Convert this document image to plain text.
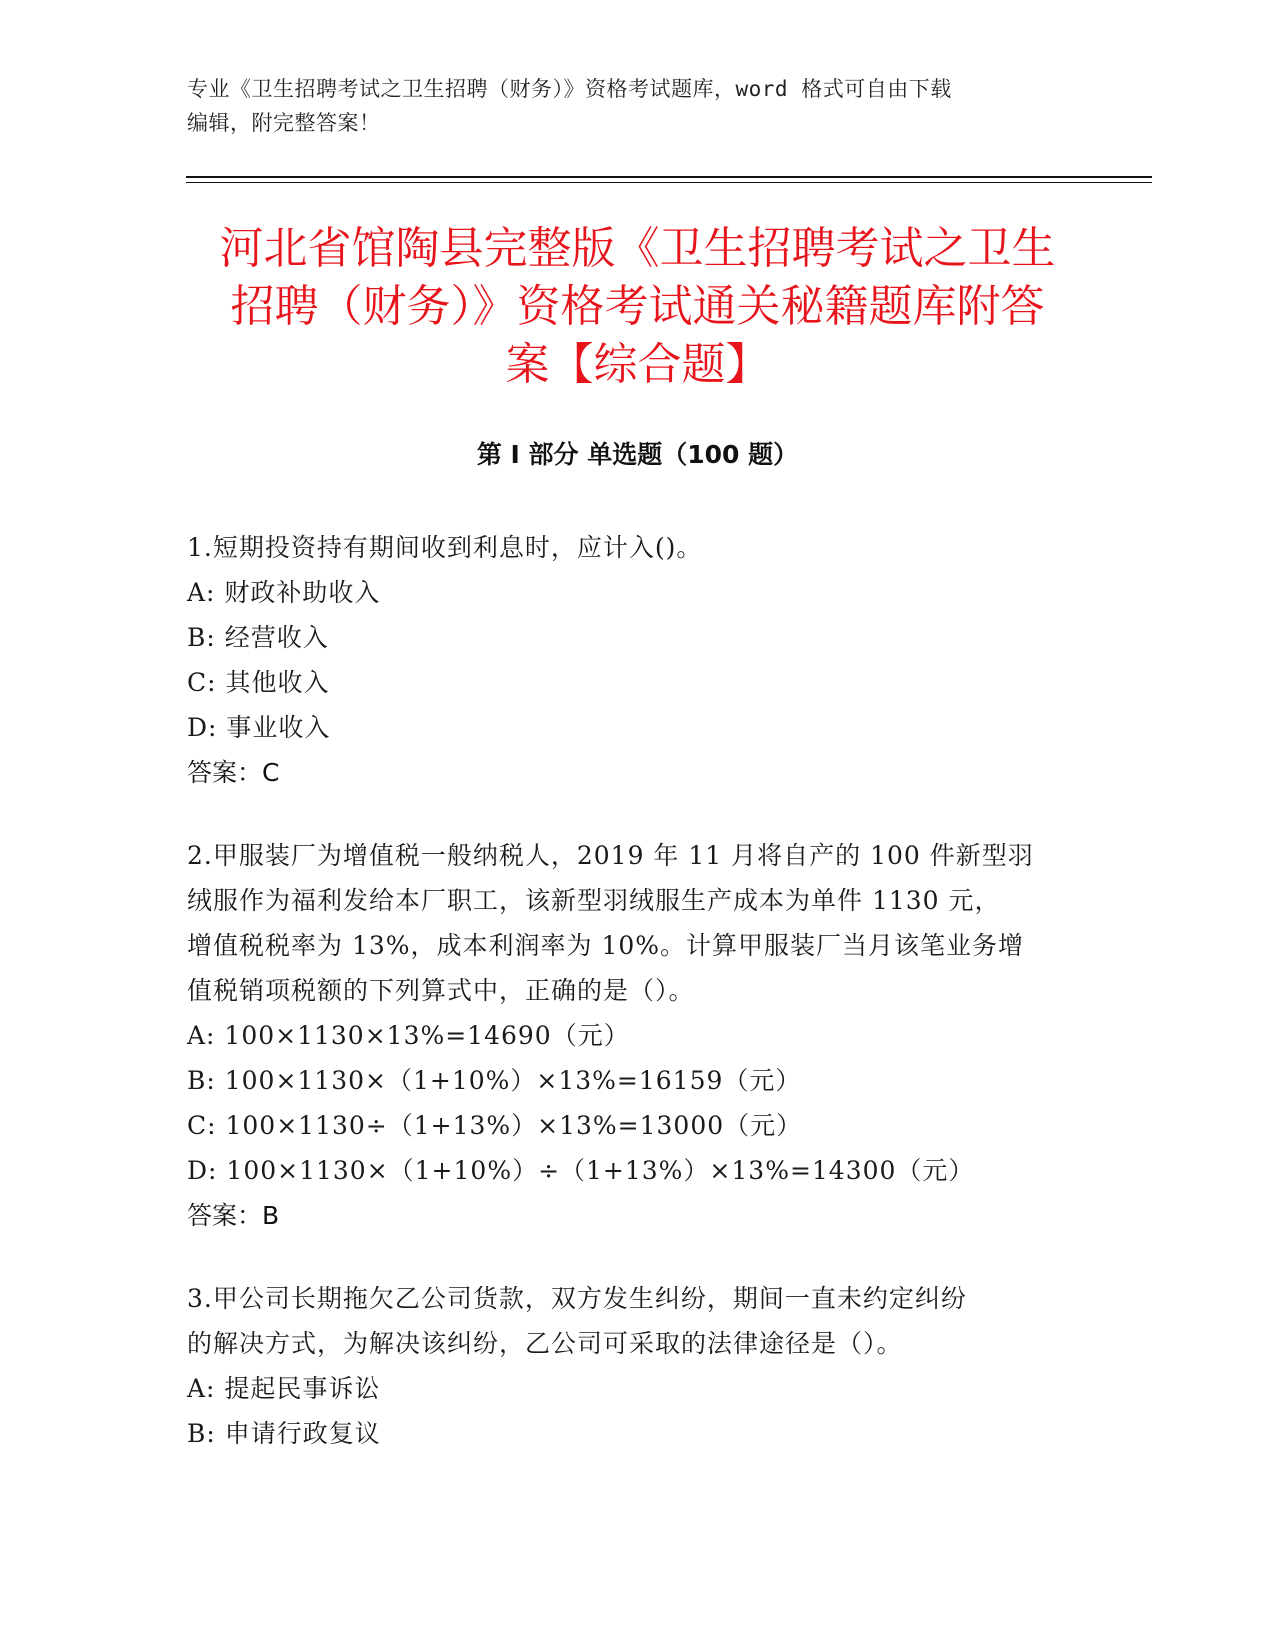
专业《卫生招聘考试之卫生招聘（财务）》资格考试题库，word 格式可自由下载
编辑，附完整答案！
河北省馆陶县完整版《卫生招聘考试之卫生
招聘（财务）》资格考试通关秘籍题库附答
案【综合题】
第 I 部分 单选题（100 题）

1.短期投资持有期间收到利息时，应计入()。

A: 财政补助收入

B: 经营收入

C: 其他收入

D: 事业收入

答案：C

2.甲服装厂为增值税一般纳税人，2019 年 11 月将自产的 100 件新型羽

绒服作为福利发给本厂职工，该新型羽绒服生产成本为单件 1130 元，

增值税税率为 13%，成本利润率为 10%。计算甲服装厂当月该笔业务增

值税销项税额的下列算式中，正确的是（）。

A: 100×1130×13%=14690（元）

B: 100×1130×（1+10%）×13%=16159（元）

C: 100×1130÷（1+13%）×13%=13000（元）

D: 100×1130×（1+10%）÷（1+13%）×13%=14300（元）

答案：B

3.甲公司长期拖欠乙公司货款，双方发生纠纷，期间一直未约定纠纷

的解决方式，为解决该纠纷，乙公司可采取的法律途径是（）。

A: 提起民事诉讼

B: 申请行政复议
